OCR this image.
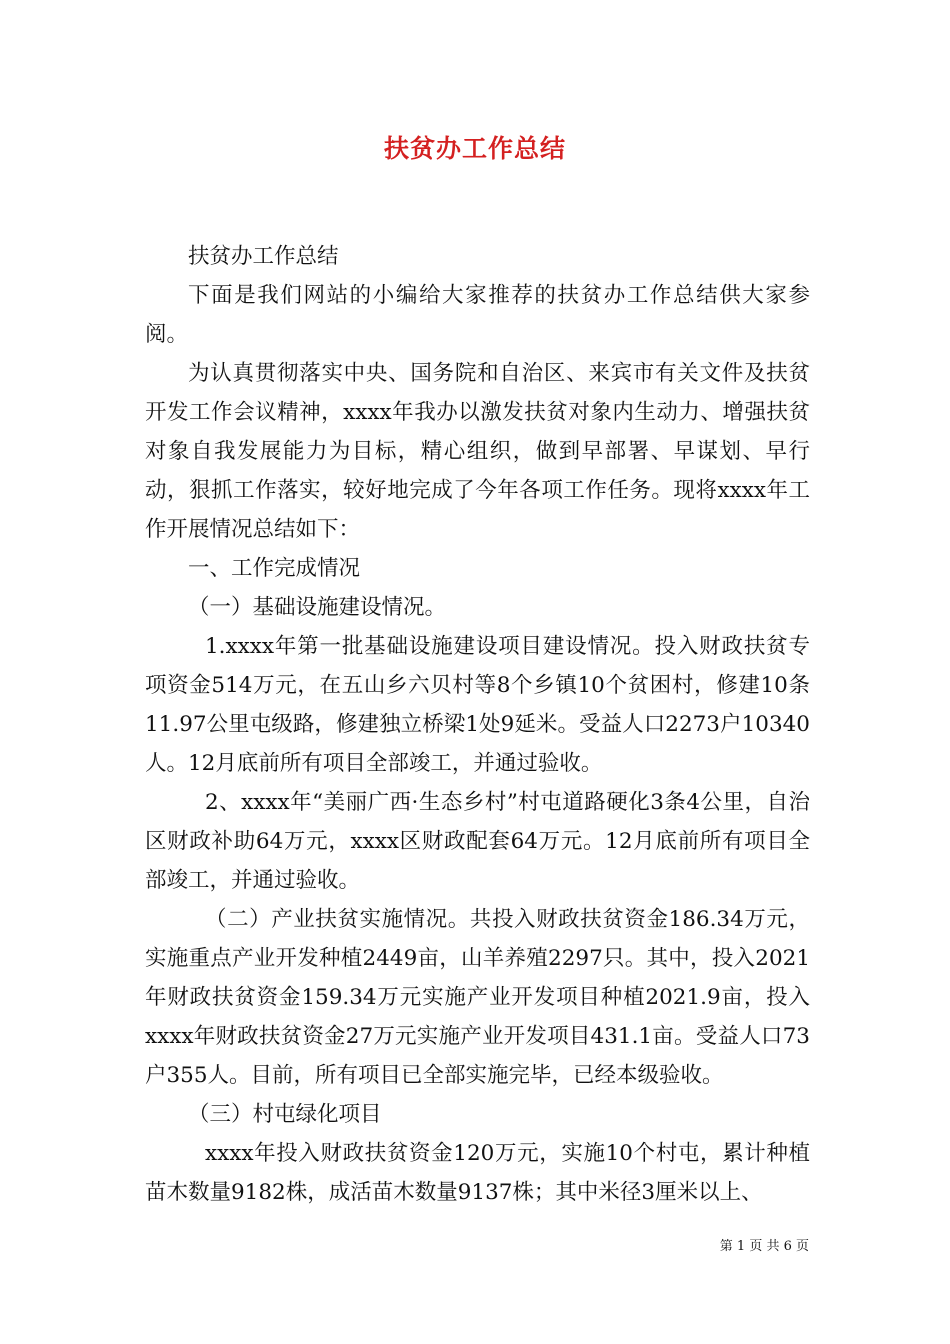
扶贫办工作总结

扶贫办工作总结

下面是我们网站的小编给大家推荐的扶贫办工作总结供大家参阅。

为认真贯彻落实中央、国务院和自治区、来宾市有关文件及扶贫开发工作会议精神，xxxx年我办以激发扶贫对象内生动力、增强扶贫对象自我发展能力为目标，精心组织，做到早部署、早谋划、早行动，狠抓工作落实，较好地完成了今年各项工作任务。现将xxxx年工作开展情况总结如下：

一、工作完成情况

（一）基础设施建设情况。

1.xxxx年第一批基础设施建设项目建设情况。投入财政扶贫专项资金514万元，在五山乡六贝村等8个乡镇10个贫困村，修建10条11.97公里屯级路，修建独立桥梁1处9延米。受益人口2273户10340人。12月底前所有项目全部竣工，并通过验收。

2、xxxx年“美丽广西·生态乡村”村屯道路硬化3条4公里，自治区财政补助64万元，xxxx区财政配套64万元。12月底前所有项目全部竣工，并通过验收。

（二）产业扶贫实施情况。共投入财政扶贫资金186.34万元，实施重点产业开发种植2449亩，山羊养殖2297只。其中，投入2021年财政扶贫资金159.34万元实施产业开发项目种植2021.9亩，投入xxxx年财政扶贫资金27万元实施产业开发项目431.1亩。受益人口73户355人。目前，所有项目已全部实施完毕，已经本级验收。

（三）村屯绿化项目

xxxx年投入财政扶贫资金120万元，实施10个村屯，累计种植苗木数量9182株，成活苗木数量9137株；其中米径3厘米以上、

第 1 页 共 6 页
